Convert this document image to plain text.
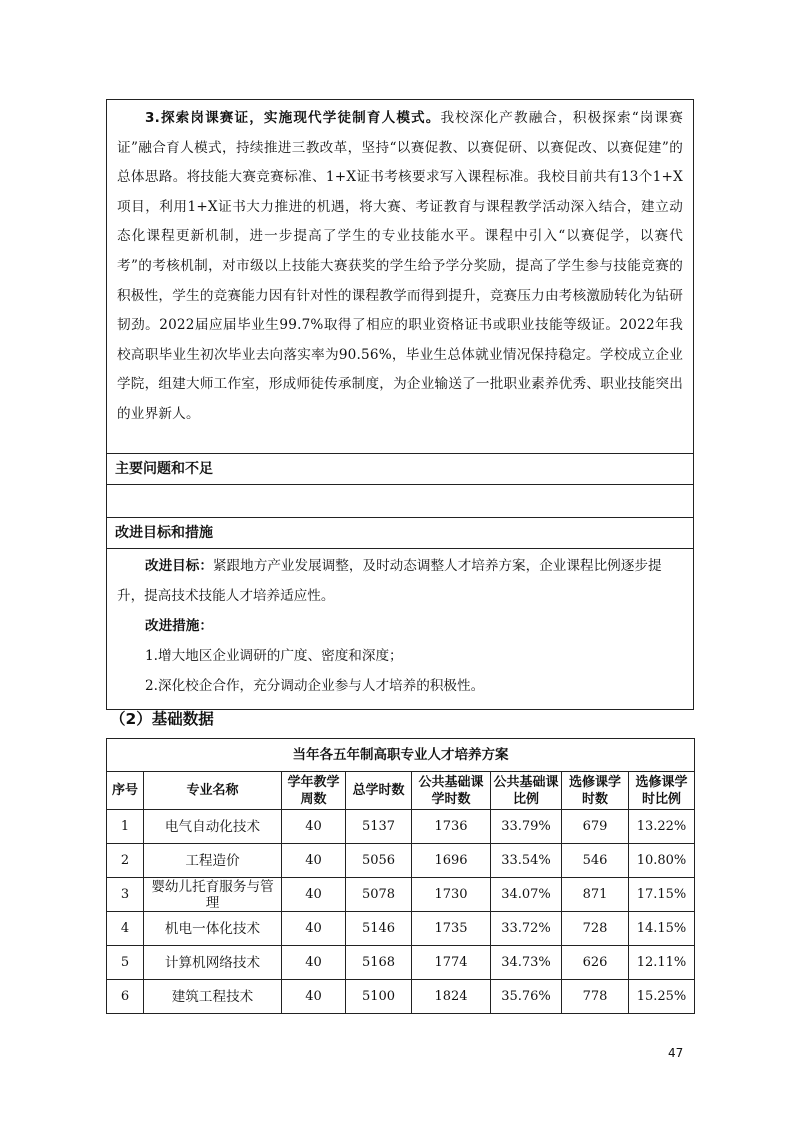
3.探索岗课赛证，实施现代学徒制育人模式。我校深化产教融合，积极探索“岗课赛证”融合育人模式，持续推进三教改革，坚持“以赛促教、以赛促研、以赛促改、以赛促建”的总体思路。将技能大赛竞赛标准、1+X证书考核要求写入课程标准。我校目前共有13个1+X项目，利用1+X证书大力推进的机遇，将大赛、考证教育与课程教学活动深入结合，建立动态化课程更新机制，进一步提高了学生的专业技能水平。课程中引入“以赛促学，以赛代考”的考核机制，对市级以上技能大赛获奖的学生给予学分奖励，提高了学生参与技能竞赛的积极性，学生的竞赛能力因有针对性的课程教学而得到提升，竞赛压力由考核激励转化为钻研韧劲。2022届应届毕业生99.7%取得了相应的职业资格证书或职业技能等级证。2022年我校高职毕业生初次毕业去向落实率为90.56%，毕业生总体就业情况保持稳定。学校成立企业学院，组建大师工作室，形成师徒传承制度，为企业输送了一批职业素养优秀、职业技能突出的业界新人。
主要问题和不足
改进目标和措施

改进目标：紧跟地方产业发展调整，及时动态调整人才培养方案，企业课程比例逐步提升，提高技术技能人才培养适应性。

改进措施：

1.增大地区企业调研的广度、密度和深度；

2.深化校企合作，充分调动企业参与人才培养的积极性。

（2）基础数据
当年各五年制高职专业人才培养方案							
序号	专业名称	学年教学周数	总学时数	公共基础课学时数	公共基础课比例	选修课学时数	选修课学时比例
1	电气自动化技术	40	5137	1736	33.79%	679	13.22%
2	工程造价	40	5056	1696	33.54%	546	10.80%
3	婴幼儿托育服务与管理	40	5078	1730	34.07%	871	17.15%
4	机电一体化技术	40	5146	1735	33.72%	728	14.15%
5	计算机网络技术	40	5168	1774	34.73%	626	12.11%
6	建筑工程技术	40	5100	1824	35.76%	778	15.25%
47
